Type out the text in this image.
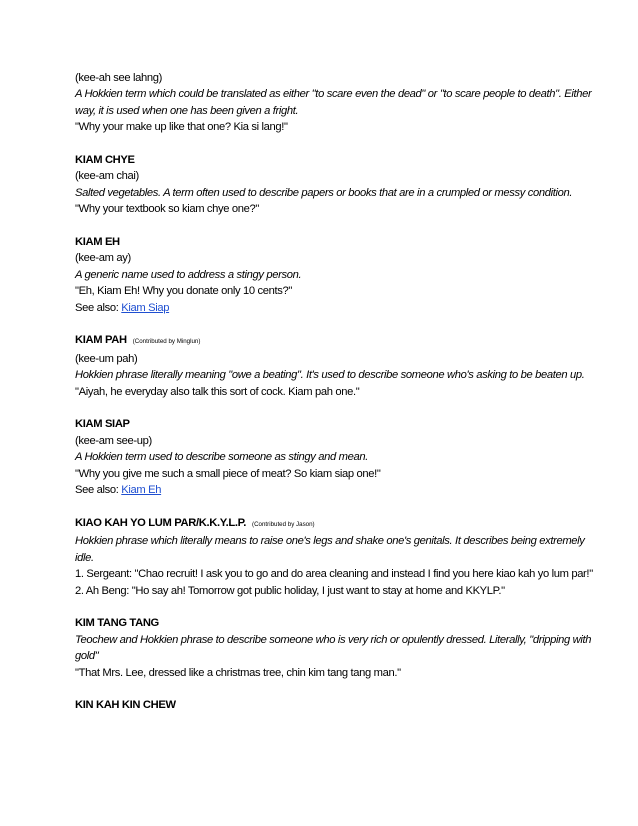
(kee-ah see lahng)
A Hokkien term which could be translated as either "to scare even the dead" or "to scare people to death". Either way, it is used when one has been given a fright.
"Why your make up like that one? Kia si lang!"
KIAM CHYE
(kee-am chai)
Salted vegetables. A term often used to describe papers or books that are in a crumpled or messy condition.
"Why your textbook so kiam chye one?"
KIAM EH
(kee-am ay)
A generic name used to address a stingy person.
"Eh, Kiam Eh! Why you donate only 10 cents?"
See also: Kiam Siap
KIAM PAH (Contributed by Minglun)
(kee-um pah)
Hokkien phrase literally meaning "owe a beating". It's used to describe someone who's asking to be beaten up.
"Aiyah, he everyday also talk this sort of cock. Kiam pah one."
KIAM SIAP
(kee-am see-up)
A Hokkien term used to describe someone as stingy and mean.
"Why you give me such a small piece of meat? So kiam siap one!"
See also: Kiam Eh
KIAO KAH YO LUM PAR/K.K.Y.L.P. (Contributed by Jason)
Hokkien phrase which literally means to raise one's legs and shake one's genitals. It describes being extremely idle.
1. Sergeant: "Chao recruit! I ask you to go and do area cleaning and instead I find you here kiao kah yo lum par!"
2. Ah Beng: "Ho say ah! Tomorrow got public holiday, I just want to stay at home and KKYLP."
KIM TANG TANG
Teochew and Hokkien phrase to describe someone who is very rich or opulently dressed. Literally, "dripping with gold"
"That Mrs. Lee, dressed like a christmas tree, chin kim tang tang man."
KIN KAH KIN CHEW
